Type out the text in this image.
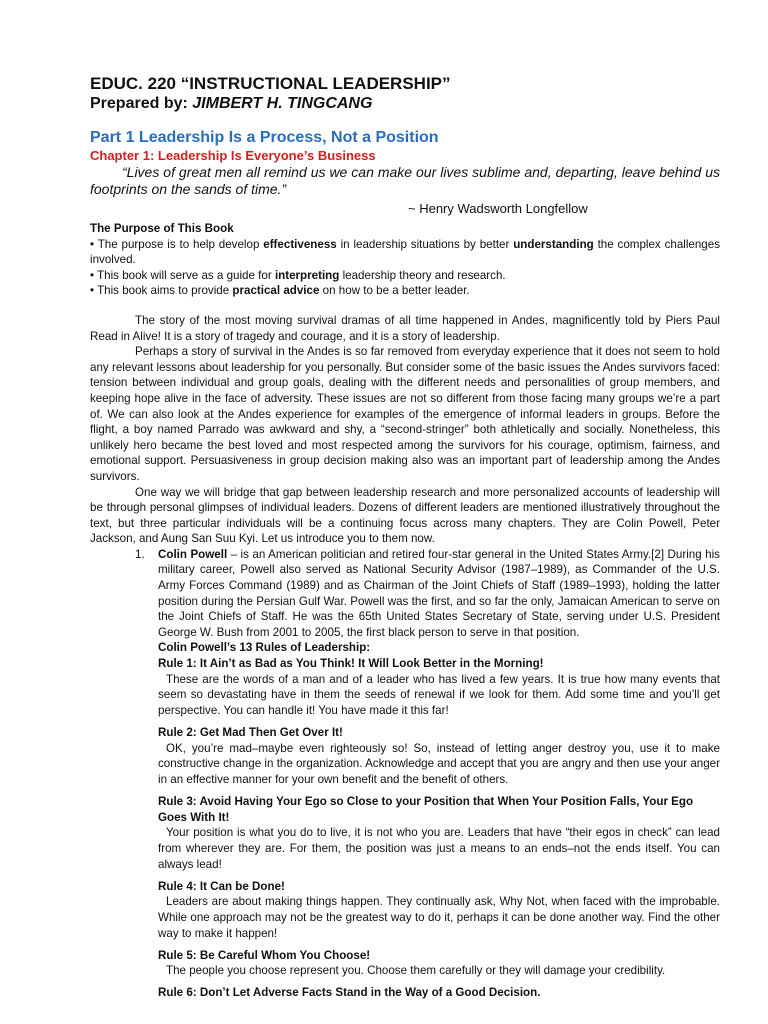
EDUC. 220 “INSTRUCTIONAL LEADERSHIP”

Prepared by: JIMBERT H. TINGCANG

Part 1 Leadership Is a Process, Not a Position

Chapter 1: Leadership Is Everyone’s Business

“Lives of great men all remind us we can make our lives sublime and, departing, leave behind us footprints on the sands of time.”

~ Henry Wadsworth Longfellow

The Purpose of This Book

• The purpose is to help develop effectiveness in leadership situations by better understanding the complex challenges involved.

• This book will serve as a guide for interpreting leadership theory and research.

• This book aims to provide practical advice on how to be a better leader.

The story of the most moving survival dramas of all time happened in Andes, magnificently told by Piers Paul Read in Alive! It is a story of tragedy and courage, and it is a story of leadership.

Perhaps a story of survival in the Andes is so far removed from everyday experience that it does not seem to hold any relevant lessons about leadership for you personally. But consider some of the basic issues the Andes survivors faced: tension between individual and group goals, dealing with the different needs and personalities of group members, and keeping hope alive in the face of adversity. These issues are not so different from those facing many groups we’re a part of. We can also look at the Andes experience for examples of the emergence of informal leaders in groups. Before the flight, a boy named Parrado was awkward and shy, a “second-stringer” both athletically and socially. Nonetheless, this unlikely hero became the best loved and most respected among the survivors for his courage, optimism, fairness, and emotional support. Persuasiveness in group decision making also was an important part of leadership among the Andes survivors.

One way we will bridge that gap between leadership research and more personalized accounts of leadership will be through personal glimpses of individual leaders. Dozens of different leaders are mentioned illustratively throughout the text, but three particular individuals will be a continuing focus across many chapters. They are Colin Powell, Peter Jackson, and Aung San Suu Kyi. Let us introduce you to them now.

1. Colin Powell – is an American politician and retired four-star general in the United States Army.[2] During his military career, Powell also served as National Security Advisor (1987–1989), as Commander of the U.S. Army Forces Command (1989) and as Chairman of the Joint Chiefs of Staff (1989–1993), holding the latter position during the Persian Gulf War. Powell was the first, and so far the only, Jamaican American to serve on the Joint Chiefs of Staff. He was the 65th United States Secretary of State, serving under U.S. President George W. Bush from 2001 to 2005, the first black person to serve in that position.

Colin Powell’s 13 Rules of Leadership:

Rule 1: It Ain’t as Bad as You Think! It Will Look Better in the Morning!

These are the words of a man and of a leader who has lived a few years. It is true how many events that seem so devastating have in them the seeds of renewal if we look for them. Add some time and you’ll get perspective. You can handle it! You have made it this far!

Rule 2: Get Mad Then Get Over It!

OK, you’re mad–maybe even righteously so! So, instead of letting anger destroy you, use it to make constructive change in the organization. Acknowledge and accept that you are angry and then use your anger in an effective manner for your own benefit and the benefit of others.

Rule 3: Avoid Having Your Ego so Close to your Position that When Your Position Falls, Your Ego Goes With It!

Your position is what you do to live, it is not who you are. Leaders that have “their egos in check” can lead from wherever they are. For them, the position was just a means to an ends–not the ends itself. You can always lead!

Rule 4: It Can be Done!

Leaders are about making things happen. They continually ask, Why Not, when faced with the improbable. While one approach may not be the greatest way to do it, perhaps it can be done another way. Find the other way to make it happen!

Rule 5: Be Careful Whom You Choose!

The people you choose represent you. Choose them carefully or they will damage your credibility.

Rule 6: Don’t Let Adverse Facts Stand in the Way of a Good Decision.
